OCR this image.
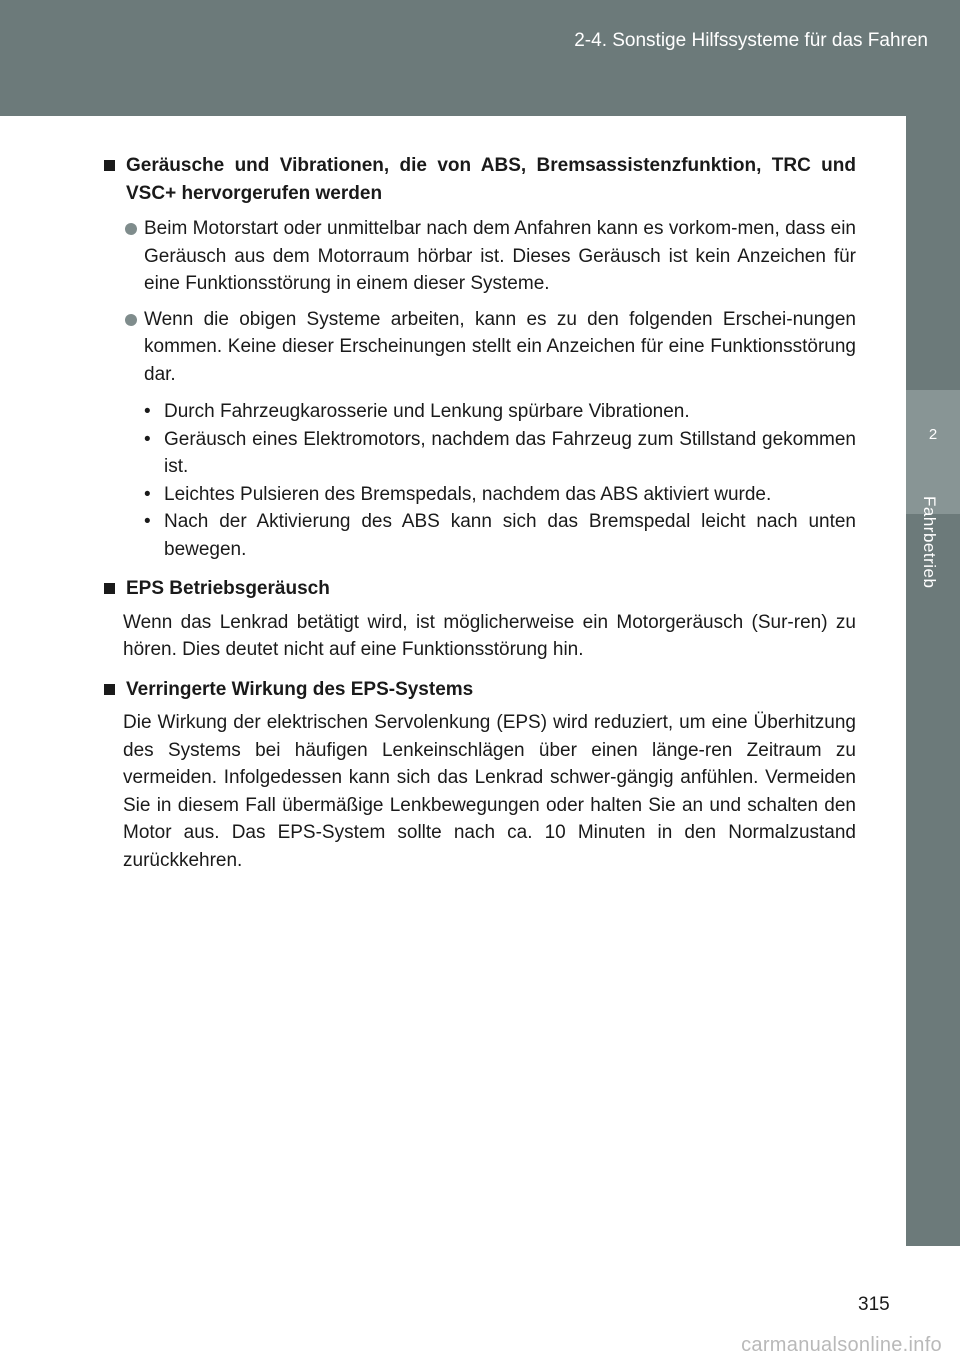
2-4. Sonstige Hilfssysteme für das Fahren
2
Fahrbetrieb
Geräusche und Vibrationen, die von ABS, Bremsassistenzfunktion, TRC und VSC+ hervorgerufen werden
Beim Motorstart oder unmittelbar nach dem Anfahren kann es vorkom-men, dass ein Geräusch aus dem Motorraum hörbar ist. Dieses Geräusch ist kein Anzeichen für eine Funktionsstörung in einem dieser Systeme.
Wenn die obigen Systeme arbeiten, kann es zu den folgenden Erschei-nungen kommen. Keine dieser Erscheinungen stellt ein Anzeichen für eine Funktionsstörung dar.
• Durch Fahrzeugkarosserie und Lenkung spürbare Vibrationen.
• Geräusch eines Elektromotors, nachdem das Fahrzeug zum Stillstand gekommen ist.
• Leichtes Pulsieren des Bremspedals, nachdem das ABS aktiviert wurde.
• Nach der Aktivierung des ABS kann sich das Bremspedal leicht nach unten bewegen.
EPS Betriebsgeräusch
Wenn das Lenkrad betätigt wird, ist möglicherweise ein Motorgeräusch (Sur-ren) zu hören. Dies deutet nicht auf eine Funktionsstörung hin.
Verringerte Wirkung des EPS-Systems
Die Wirkung der elektrischen Servolenkung (EPS) wird reduziert, um eine Überhitzung des Systems bei häufigen Lenkeinschlägen über einen länge-ren Zeitraum zu vermeiden. Infolgedessen kann sich das Lenkrad schwer-gängig anfühlen. Vermeiden Sie in diesem Fall übermäßige Lenkbewegungen oder halten Sie an und schalten den Motor aus. Das EPS-System sollte nach ca. 10 Minuten in den Normalzustand zurückkehren.
315
carmanualsonline.info
